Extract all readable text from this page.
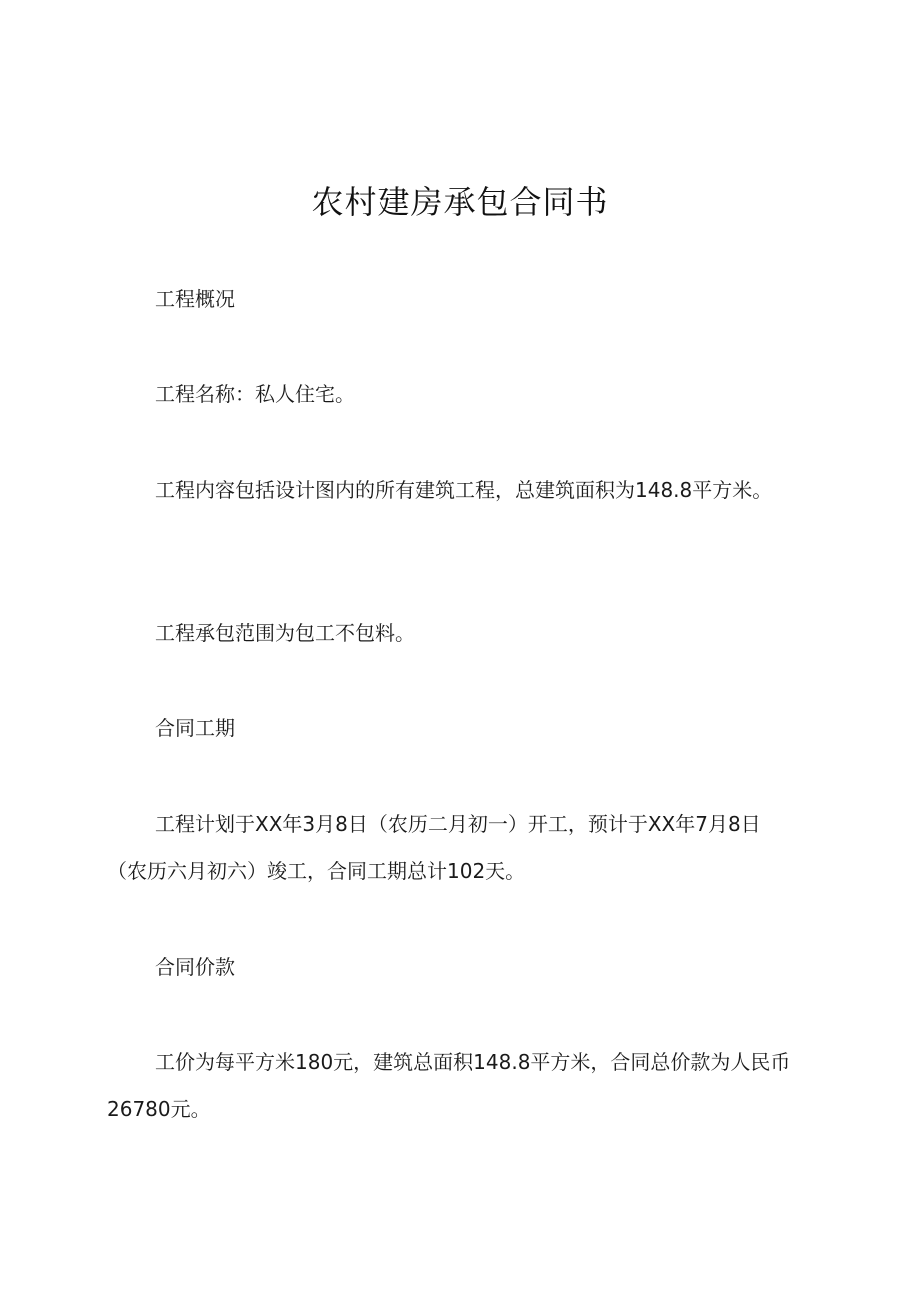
农村建房承包合同书

工程概况

工程名称：私人住宅。

工程内容包括设计图内的所有建筑工程，总建筑面积为148.8平方米。

工程承包范围为包工不包料。

合同工期

工程计划于XX年3月8日（农历二月初一）开工，预计于XX年7月8日（农历六月初六）竣工，合同工期总计102天。

合同价款

工价为每平方米180元，建筑总面积148.8平方米，合同总价款为人民币26780元。
